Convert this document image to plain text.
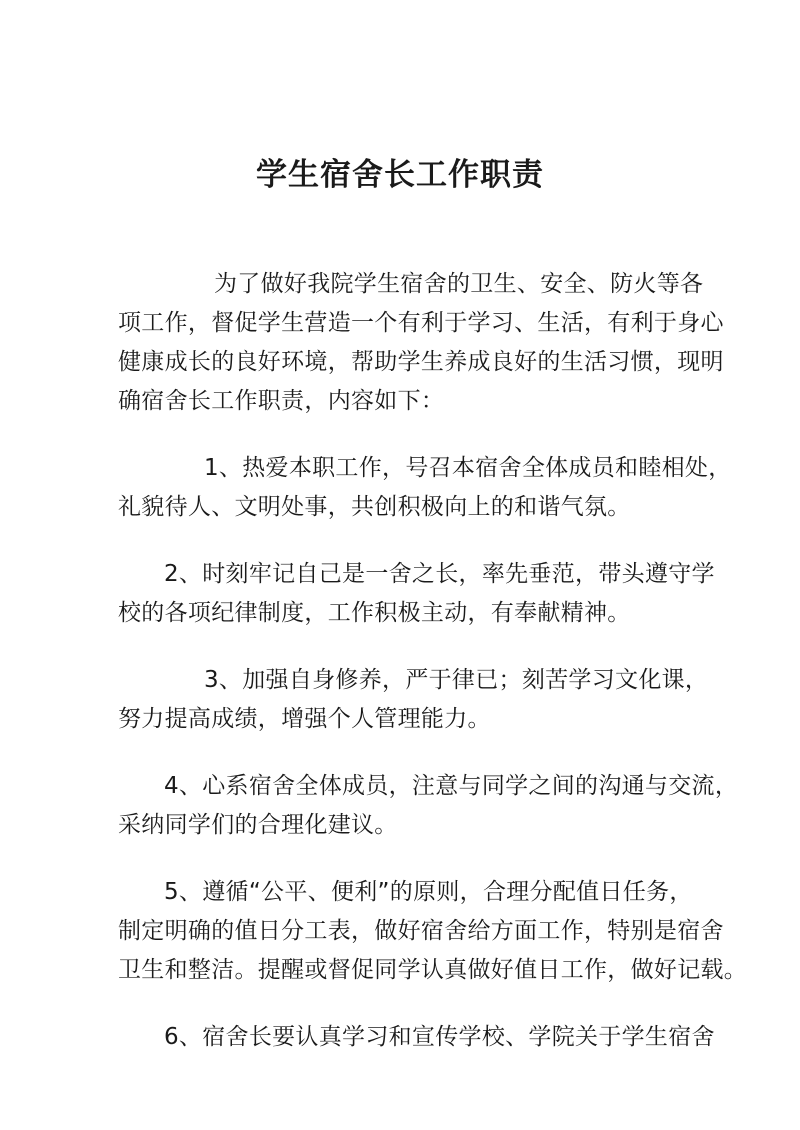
学生宿舍长工作职责

为了做好我院学生宿舍的卫生、安全、防火等各
项工作，督促学生营造一个有利于学习、生活，有利于身心
健康成长的良好环境，帮助学生养成良好的生活习惯，现明
确宿舍长工作职责，内容如下：

1、热爱本职工作，号召本宿舍全体成员和睦相处，
礼貌待人、文明处事，共创积极向上的和谐气氛。

2、时刻牢记自己是一舍之长，率先垂范，带头遵守学
校的各项纪律制度，工作积极主动，有奉献精神。

3、加强自身修养，严于律已；刻苦学习文化课，
努力提高成绩，增强个人管理能力。

4、心系宿舍全体成员，注意与同学之间的沟通与交流，
采纳同学们的合理化建议。

5、遵循“公平、便利”的原则，合理分配值日任务，
制定明确的值日分工表，做好宿舍给方面工作，特别是宿舍
卫生和整洁。提醒或督促同学认真做好值日工作，做好记载。

6、宿舍长要认真学习和宣传学校、学院关于学生宿舍
